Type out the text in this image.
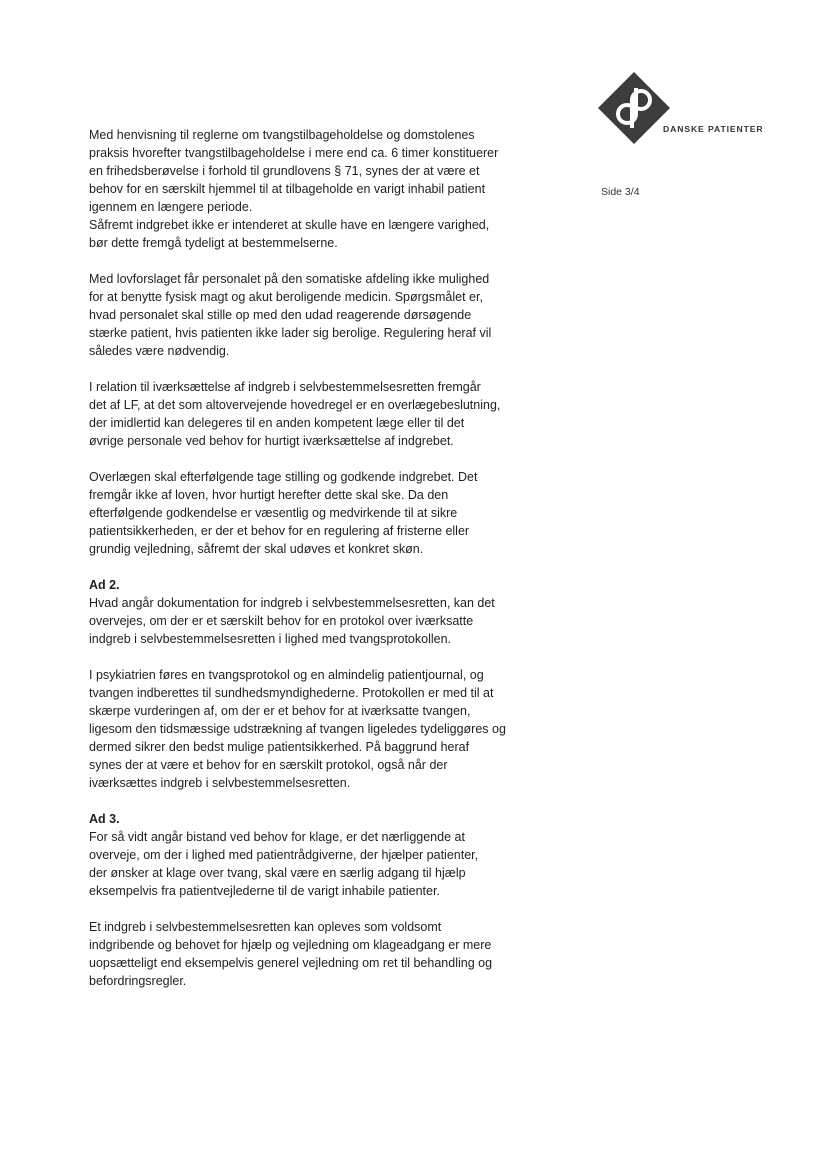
DANSKE PATIENTER
Side 3/4

Med henvisning til reglerne om tvangstilbageholdelse og domstolenes
praksis hvorefter tvangstilbageholdelse i mere end ca. 6 timer konstituerer
en frihedsberøvelse i forhold til grundlovens § 71, synes der at være et
behov for en særskilt hjemmel til at tilbageholde en varigt inhabil patient
igennem en længere periode.

Såfremt indgrebet ikke er intenderet at skulle have en længere varighed,
bør dette fremgå tydeligt at bestemmelserne.

Med lovforslaget får personalet på den somatiske afdeling ikke mulighed
for at benytte fysisk magt og akut beroligende medicin. Spørgsmålet er,
hvad personalet skal stille op med den udad reagerende dørsøgende
stærke patient, hvis patienten ikke lader sig berolige. Regulering heraf vil
således være nødvendig.

I relation til iværksættelse af indgreb i selvbestemmelsesretten fremgår
det af LF, at det som altovervejende hovedregel er en overlægebeslutning,
der imidlertid kan delegeres til en anden kompetent læge eller til det
øvrige personale ved behov for hurtigt iværksættelse af indgrebet.

Overlægen skal efterfølgende tage stilling og godkende indgrebet. Det
fremgår ikke af loven, hvor hurtigt herefter dette skal ske. Da den
efterfølgende godkendelse er væsentlig og medvirkende til at sikre
patientsikkerheden, er der et behov for en regulering af fristerne eller
grundig vejledning, såfremt der skal udøves et konkret skøn.

Ad 2.

Hvad angår dokumentation for indgreb i selvbestemmelsesretten, kan det
overvejes, om der er et særskilt behov for en protokol over iværksatte
indgreb i selvbestemmelsesretten i lighed med tvangsprotokollen.

I psykiatrien føres en tvangsprotokol og en almindelig patientjournal, og
tvangen indberettes til sundhedsmyndighederne. Protokollen er med til at
skærpe vurderingen af, om der er et behov for at iværksatte tvangen,
ligesom den tidsmæssige udstrækning af tvangen ligeledes tydeliggøres og
dermed sikrer den bedst mulige patientsikkerhed. På baggrund heraf
synes der at være et behov for en særskilt protokol, også når der
iværksættes indgreb i selvbestemmelsesretten.

Ad 3.

For så vidt angår bistand ved behov for klage, er det nærliggende at
overvejе, om der i lighed med patientrådgiverne, der hjælper patienter,
der ønsker at klage over tvang, skal være en særlig adgang til hjælp
eksempelvis fra patientvejlederne til de varigt inhabile patienter.

Et indgreb i selvbestemmelsesretten kan opleves som voldsomt
indgribende og behovet for hjælp og vejledning om klageadgang er mere
uopsætteligt end eksempelvis generel vejledning om ret til behandling og
befordringsregler.
